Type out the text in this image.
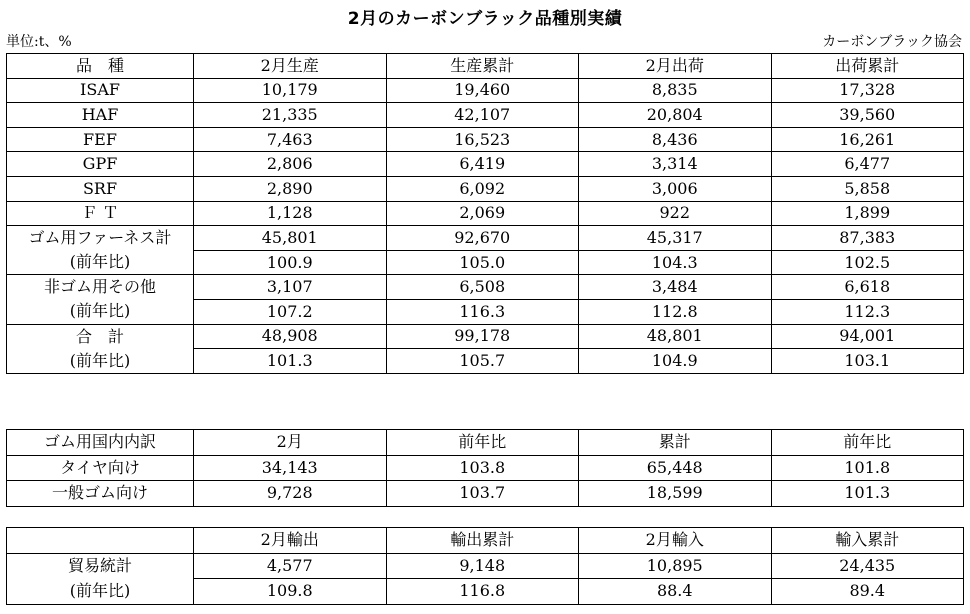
2月のカーボンブラック品種別実績
単位:t、%	カーボンブラック協会
品　種	2月生産	生産累計	2月出荷	出荷累計
ISAF	10,179	19,460	8,835	17,328
HAF	21,335	42,107	20,804	39,560
FEF	7,463	16,523	8,436	16,261
GPF	2,806	6,419	3,314	6,477
SRF	2,890	6,092	3,006	5,858
Ｆ Ｔ	1,128	2,069	922	1,899
ゴム用ファーネス計	45,801	92,670	45,317	87,383
(前年比)	100.9	105.0	104.3	102.5
非ゴム用その他	3,107	6,508	3,484	6,618
(前年比)	107.2	116.3	112.8	112.3
合　計	48,908	99,178	48,801	94,001
(前年比)	101.3	105.7	104.9	103.1
ゴム用国内内訳	2月	前年比	累計	前年比
タイヤ向け	34,143	103.8	65,448	101.8
一般ゴム向け	9,728	103.7	18,599	101.3
	2月輸出	輸出累計	2月輸入	輸入累計
貿易統計	4,577	9,148	10,895	24,435
(前年比)	109.8	116.8	88.4	89.4
